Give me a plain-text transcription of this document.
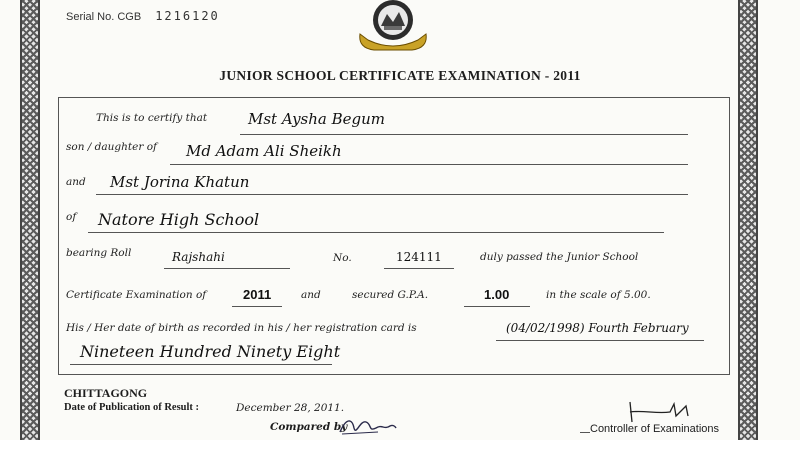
Serial No. CGB 1216120
JUNIOR SCHOOL CERTIFICATE EXAMINATION - 2011
This is to certify that	Mst Aysha Begum
son / daughter of Md Adam Ali Sheikh
and Mst Jorina Khatun
of Natore High School
bearing Roll	Rajshahi	No.	124111	duly passed the Junior School
Certificate Examination of	2011	and	secured G.P.A.	1.00	in the scale of 5.00.
His / Her date of birth as recorded in his / her registration card is	(04/02/1998) Fourth February
Nineteen Hundred Ninety Eight
CHITTAGONG
Date of Publication of Result :	December 28, 2011.
Compared by	Controller of Examinations
